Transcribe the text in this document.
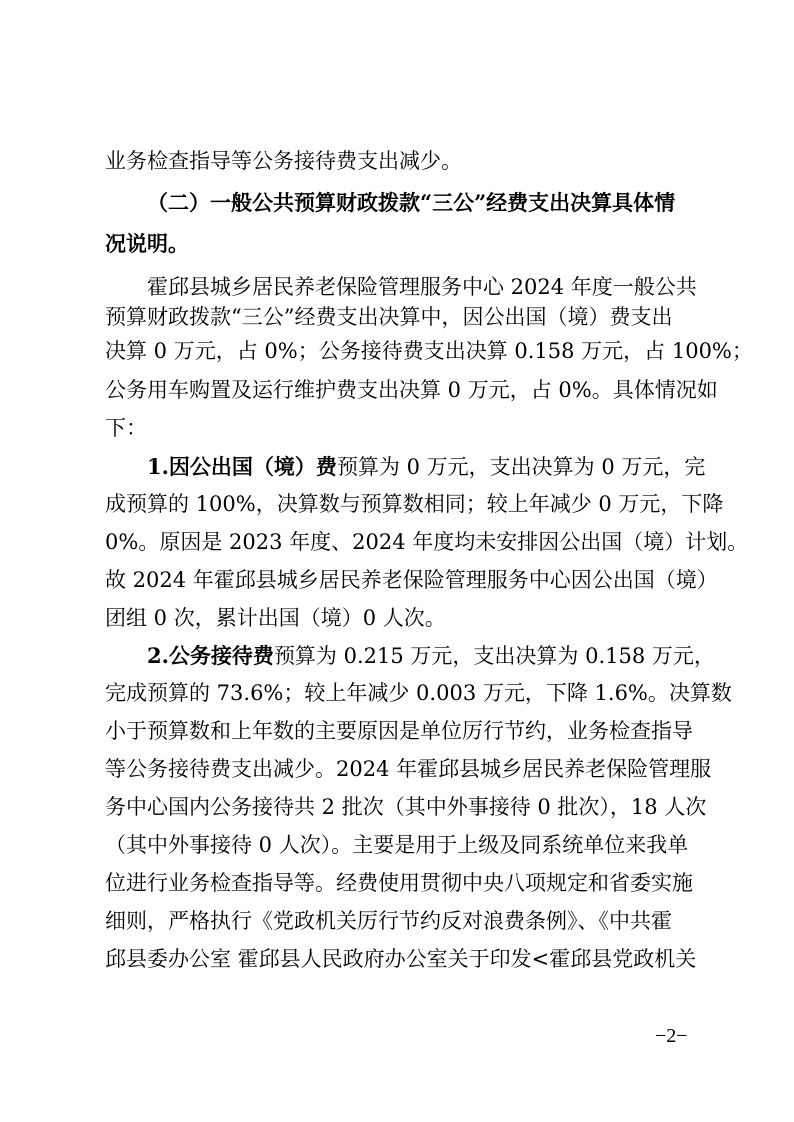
业务检查指导等公务接待费支出减少。
（二）一般公共预算财政拨款“三公”经费支出决算具体情
况说明。
霍邱县城乡居民养老保险管理服务中心 2024 年度一般公共
预算财政拨款“三公”经费支出决算中，因公出国（境）费支出
决算 0 万元，占 0%；公务接待费支出决算 0.158 万元，占 100%；
公务用车购置及运行维护费支出决算 0 万元，占 0%。具体情况如
下：
1.因公出国（境）费预算为 0 万元，支出决算为 0 万元，完
成预算的 100%，决算数与预算数相同；较上年减少 0 万元，下降
0%。原因是 2023 年度、2024 年度均未安排因公出国（境）计划。
故 2024 年霍邱县城乡居民养老保险管理服务中心因公出国（境）
团组 0 次，累计出国（境）0 人次。
2.公务接待费预算为 0.215 万元，支出决算为 0.158 万元，
完成预算的 73.6%；较上年减少 0.003 万元，下降 1.6%。决算数
小于预算数和上年数的主要原因是单位厉行节约，业务检查指导
等公务接待费支出减少。2024 年霍邱县城乡居民养老保险管理服
务中心国内公务接待共 2 批次（其中外事接待 0 批次），18 人次
（其中外事接待 0 人次）。主要是用于上级及同系统单位来我单
位进行业务检查指导等。经费使用贯彻中央八项规定和省委实施
细则，严格执行《党政机关厉行节约反对浪费条例》、《中共霍
邱县委办公室 霍邱县人民政府办公室关于印发<霍邱县党政机关
−2−
